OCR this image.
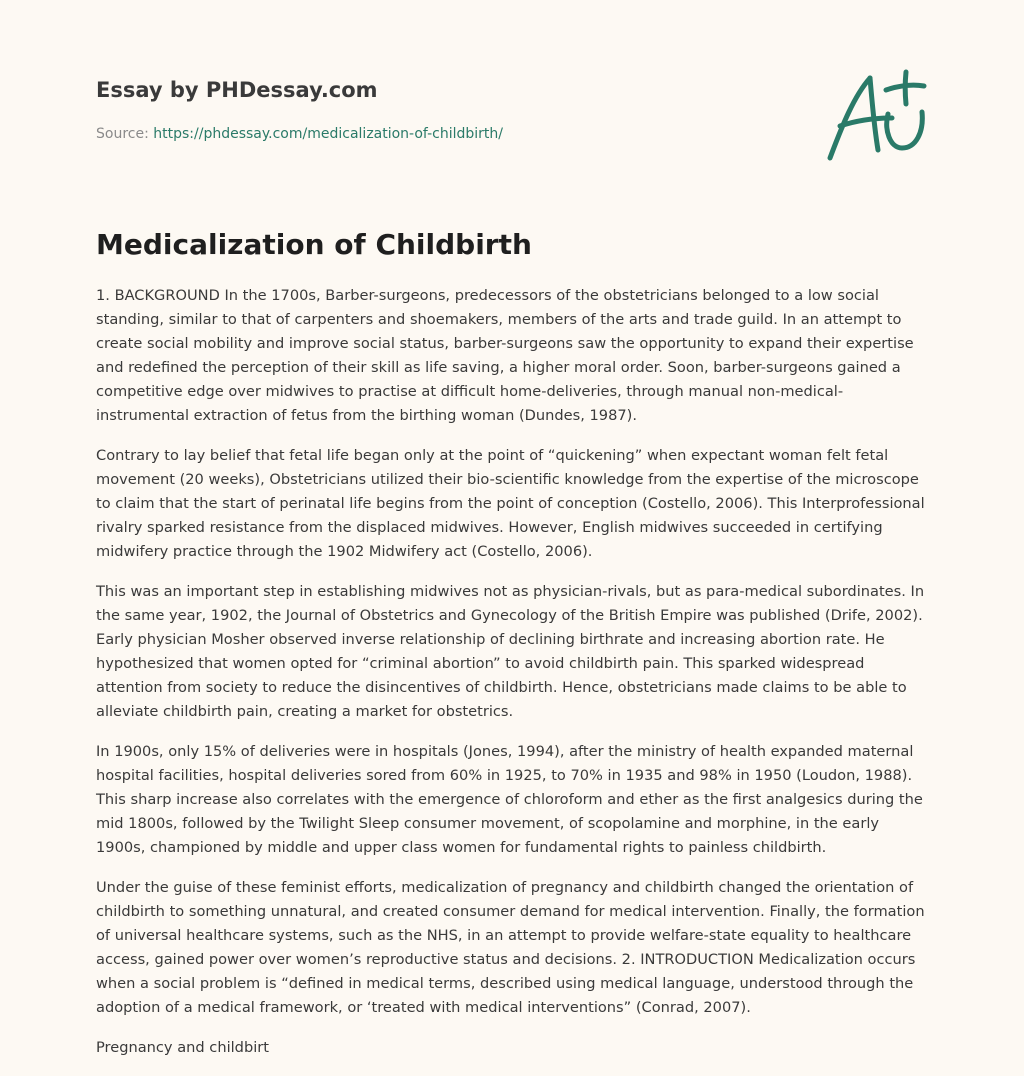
Essay by PHDessay.com

Source: https://phdessay.com/medicalization-of-childbirth/
Medicalization of Childbirth

1. BACKGROUND In the 1700s, Barber-surgeons, predecessors of the obstetricians belonged to a low social standing, similar to that of carpenters and shoemakers, members of the arts and trade guild. In an attempt to create social mobility and improve social status, barber-surgeons saw the opportunity to expand their expertise and redefined the perception of their skill as life saving, a higher moral order. Soon, barber-surgeons gained a competitive edge over midwives to practise at difficult home-deliveries, through manual non-medical-instrumental extraction of fetus from the birthing woman (Dundes, 1987).

Contrary to lay belief that fetal life began only at the point of “quickening” when expectant woman felt fetal movement (20 weeks), Obstetricians utilized their bio-scientific knowledge from the expertise of the microscope to claim that the start of perinatal life begins from the point of conception (Costello, 2006). This Interprofessional rivalry sparked resistance from the displaced midwives. However, English midwives succeeded in certifying midwifery practice through the 1902 Midwifery act (Costello, 2006).

This was an important step in establishing midwives not as physician-rivals, but as para-medical subordinates. In the same year, 1902, the Journal of Obstetrics and Gynecology of the British Empire was published (Drife, 2002). Early physician Mosher observed inverse relationship of declining birthrate and increasing abortion rate. He hypothesized that women opted for “criminal abortion” to avoid childbirth pain. This sparked widespread attention from society to reduce the disincentives of childbirth. Hence, obstetricians made claims to be able to alleviate childbirth pain, creating a market for obstetrics.

In 1900s, only 15% of deliveries were in hospitals (Jones, 1994), after the ministry of health expanded maternal hospital facilities, hospital deliveries sored from 60% in 1925, to 70% in 1935 and 98% in 1950 (Loudon, 1988). This sharp increase also correlates with the emergence of chloroform and ether as the first analgesics during the mid 1800s, followed by the Twilight Sleep consumer movement, of scopolamine and morphine, in the early 1900s, championed by middle and upper class women for fundamental rights to painless childbirth.

Under the guise of these feminist efforts, medicalization of pregnancy and childbirth changed the orientation of childbirth to something unnatural, and created consumer demand for medical intervention. Finally, the formation of universal healthcare systems, such as the NHS, in an attempt to provide welfare-state equality to healthcare access, gained power over women’s reproductive status and decisions. 2. INTRODUCTION Medicalization occurs when a social problem is “defined in medical terms, described using medical language, understood through the adoption of a medical framework, or ‘treated with medical interventions” (Conrad, 2007).

Pregnancy and childbirt
